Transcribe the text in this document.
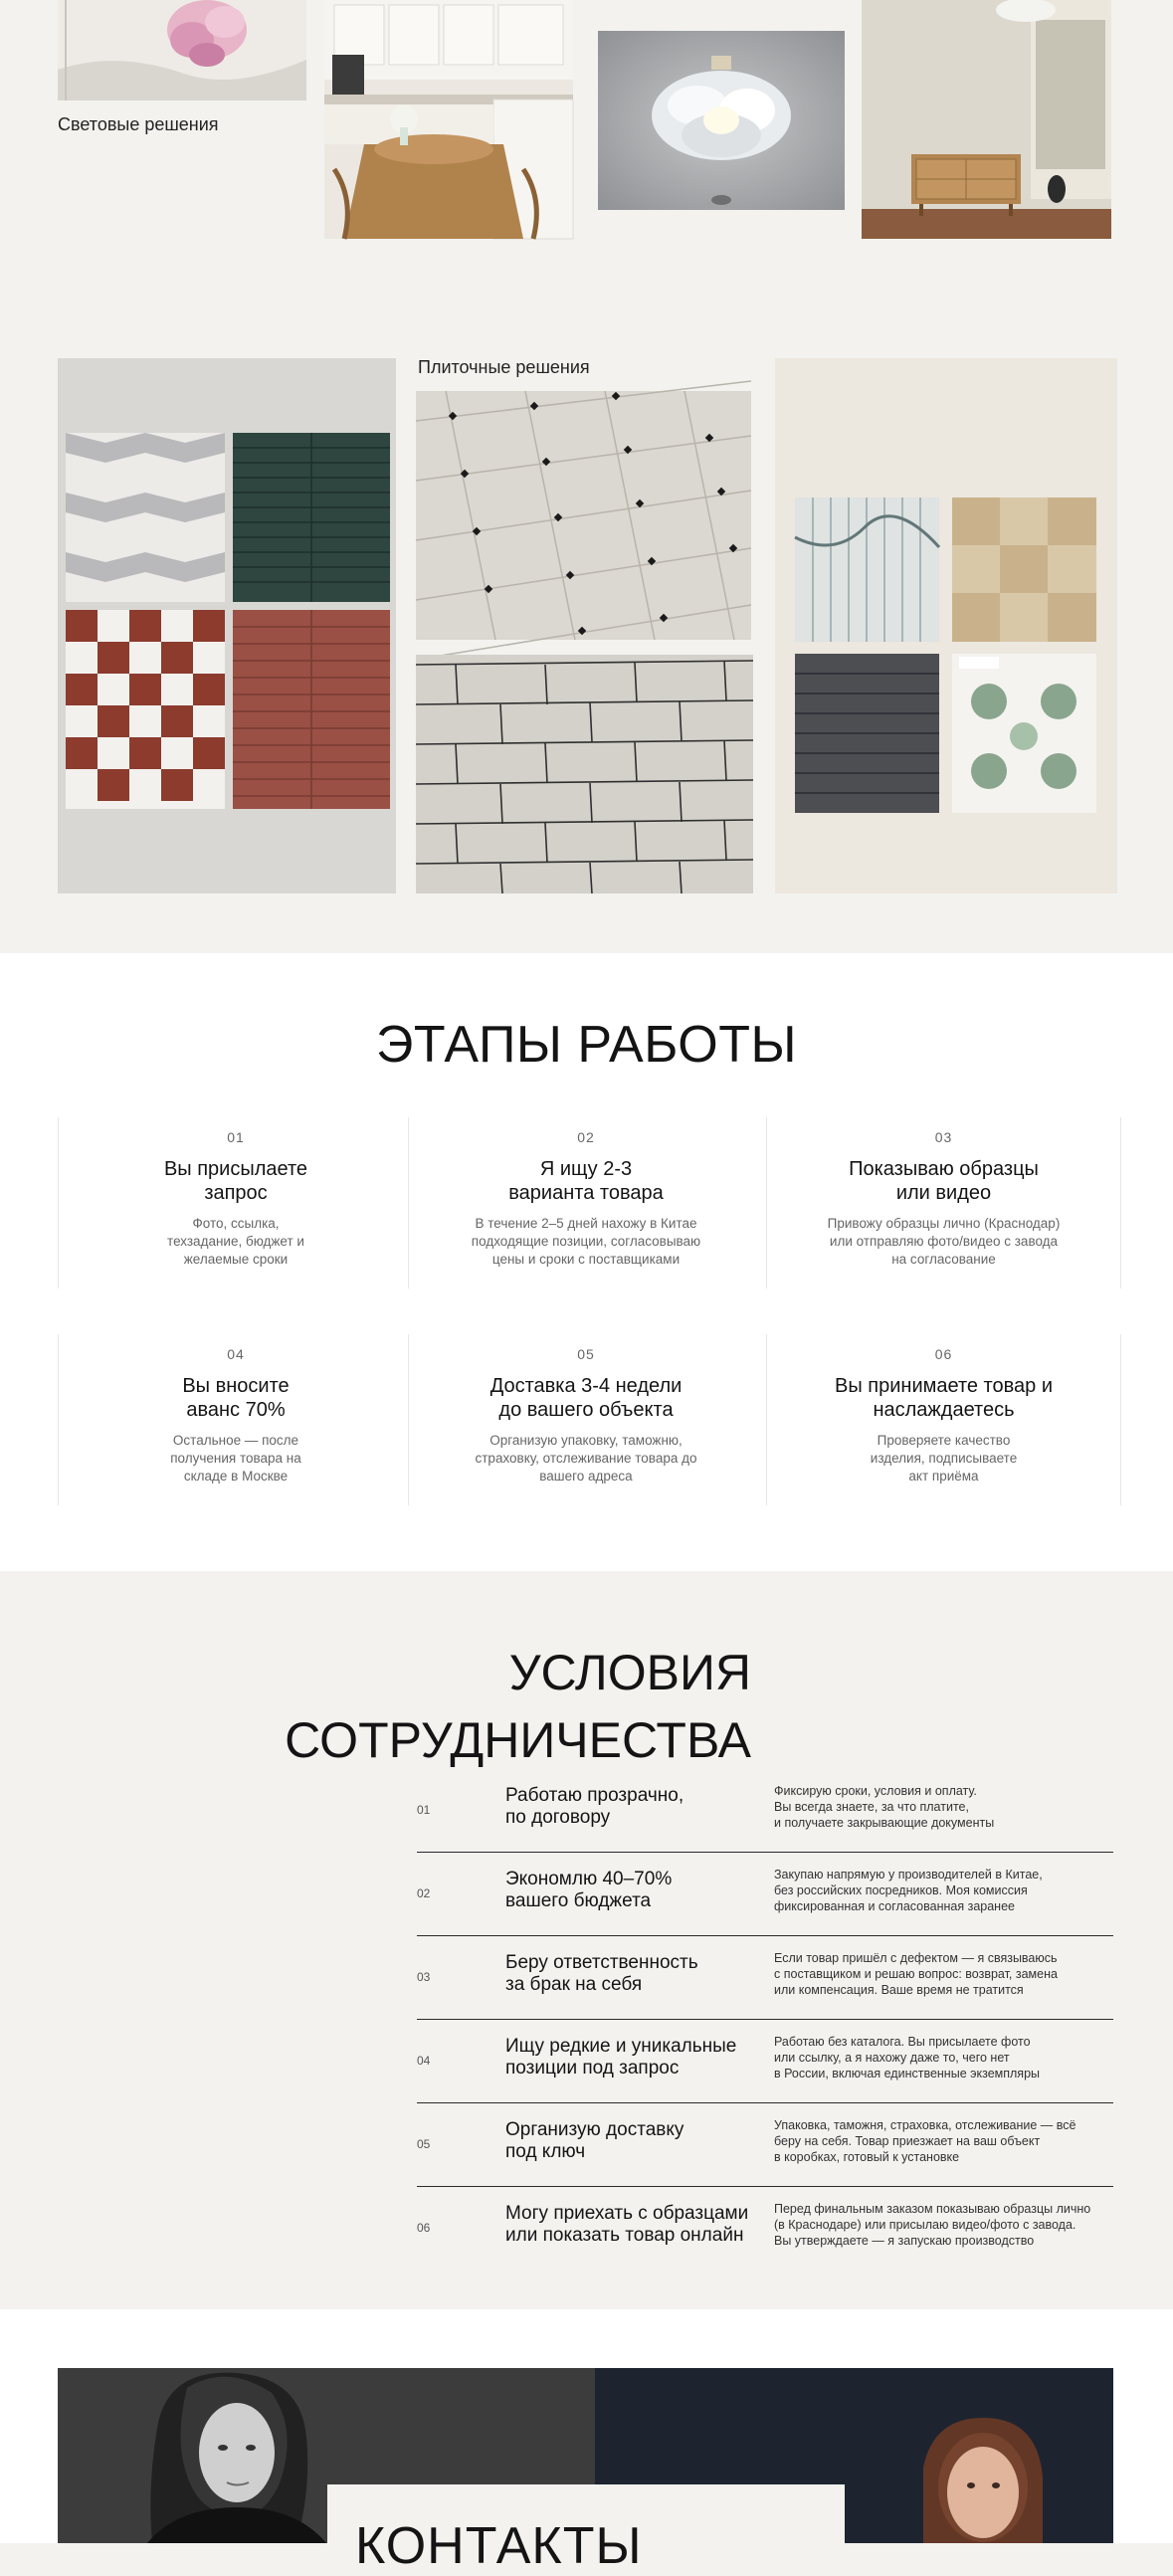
Световые решения
Плиточные решения
ЭТАПЫ РАБОТЫ
01
Вы присылаете
запрос
Фото, ссылка,
техзадание, бюджет и
желаемые сроки
02
Я ищу 2-3
варианта товара
В течение 2–5 дней нахожу в Китае
подходящие позиции, согласовываю
цены и сроки с поставщиками
03
Показываю образцы
или видео
Привожу образцы лично (Краснодар)
или отправляю фото/видео с завода
на согласование
04
Вы вносите
аванс 70%
Остальное — после
получения товара на
складе в Москве
05
Доставка 3-4 недели
до вашего объекта
Организую упаковку, таможню,
страховку, отслеживание товара до
вашего адреса
06
Вы принимаете товар и
наслаждаетесь
Проверяете качество
изделия, подписываете
акт приёма
УСЛОВИЯ
СОТРУДНИЧЕСТВА
01
Работаю прозрачно,
по договору
Фиксирую сроки, условия и оплату.
Вы всегда знаете, за что платите,
и получаете закрывающие документы
02
Экономлю 40–70%
вашего бюджета
Закупаю напрямую у производителей в Китае,
без российских посредников. Моя комиссия
фиксированная и согласованная заранее
03
Беру ответственность
за брак на себя
Если товар пришёл с дефектом — я связываюсь
с поставщиком и решаю вопрос: возврат, замена
или компенсация. Ваше время не тратится
04
Ищу редкие и уникальные
позиции под запрос
Работаю без каталога. Вы присылаете фото
или ссылку, а я нахожу даже то, чего нет
в России, включая единственные экземпляры
05
Организую доставку
под ключ
Упаковка, таможня, страховка, отслеживание — всё
беру на себя. Товар приезжает на ваш объект
в коробках, готовый к установке
06
Могу приехать с образцами
или показать товар онлайн
Перед финальным заказом показываю образцы лично
(в Краснодаре) или присылаю видео/фото с завода.
Вы утверждаете — я запускаю производство
КОНТАКТЫ
